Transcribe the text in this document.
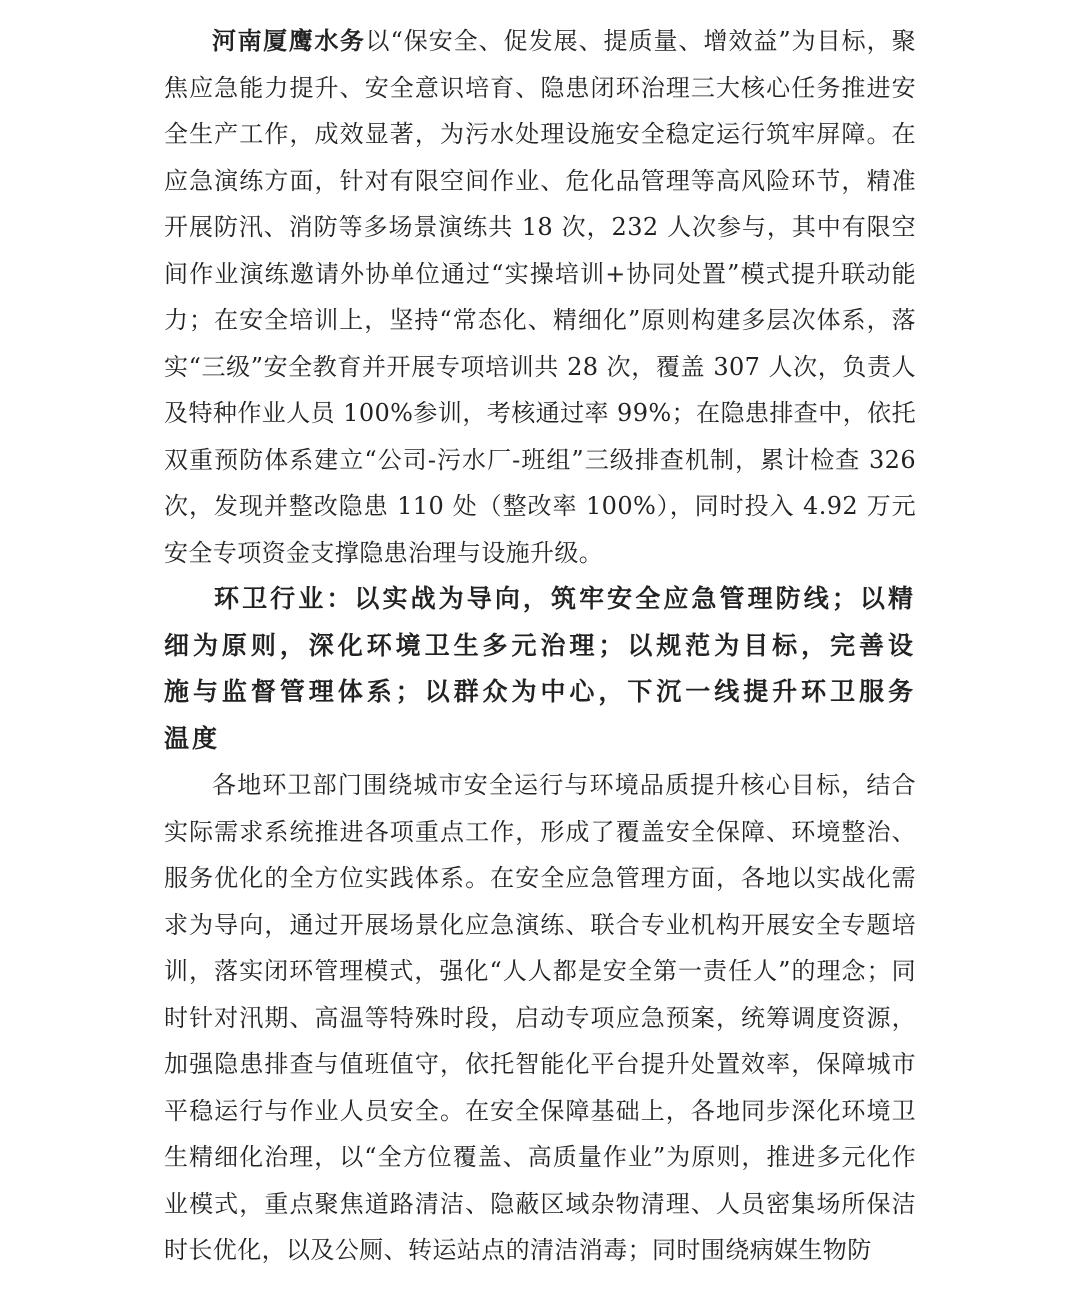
河南厦鹰水务以“保安全、促发展、提质量、增效益”为目标，聚焦应急能力提升、安全意识培育、隐患闭环治理三大核心任务推进安全生产工作，成效显著，为污水处理设施安全稳定运行筑牢屏障。在应急演练方面，针对有限空间作业、危化品管理等高风险环节，精准开展防汛、消防等多场景演练共 18 次，232 人次参与，其中有限空间作业演练邀请外协单位通过“实操培训+协同处置”模式提升联动能力；在安全培训上，坚持“常态化、精细化”原则构建多层次体系，落实“三级”安全教育并开展专项培训共 28 次，覆盖 307 人次，负责人及特种作业人员 100%参训，考核通过率 99%；在隐患排查中，依托双重预防体系建立“公司-污水厂-班组”三级排查机制，累计检查 326 次，发现并整改隐患 110 处（整改率 100%），同时投入 4.92 万元安全专项资金支撑隐患治理与设施升级。

环卫行业：以实战为导向，筑牢安全应急管理防线；以精细为原则，深化环境卫生多元治理；以规范为目标，完善设施与监督管理体系；以群众为中心，下沉一线提升环卫服务温度

各地环卫部门围绕城市安全运行与环境品质提升核心目标，结合实际需求系统推进各项重点工作，形成了覆盖安全保障、环境整治、服务优化的全方位实践体系。在安全应急管理方面，各地以实战化需求为导向，通过开展场景化应急演练、联合专业机构开展安全专题培训，落实闭环管理模式，强化“人人都是安全第一责任人”的理念；同时针对汛期、高温等特殊时段，启动专项应急预案，统筹调度资源，加强隐患排查与值班值守，依托智能化平台提升处置效率，保障城市平稳运行与作业人员安全。在安全保障基础上，各地同步深化环境卫生精细化治理，以“全方位覆盖、高质量作业”为原则，推进多元化作业模式，重点聚焦道路清洁、隐蔽区域杂物清理、人员密集场所保洁时长优化，以及公厕、转运站点的清洁消毒；同时围绕病媒生物防
